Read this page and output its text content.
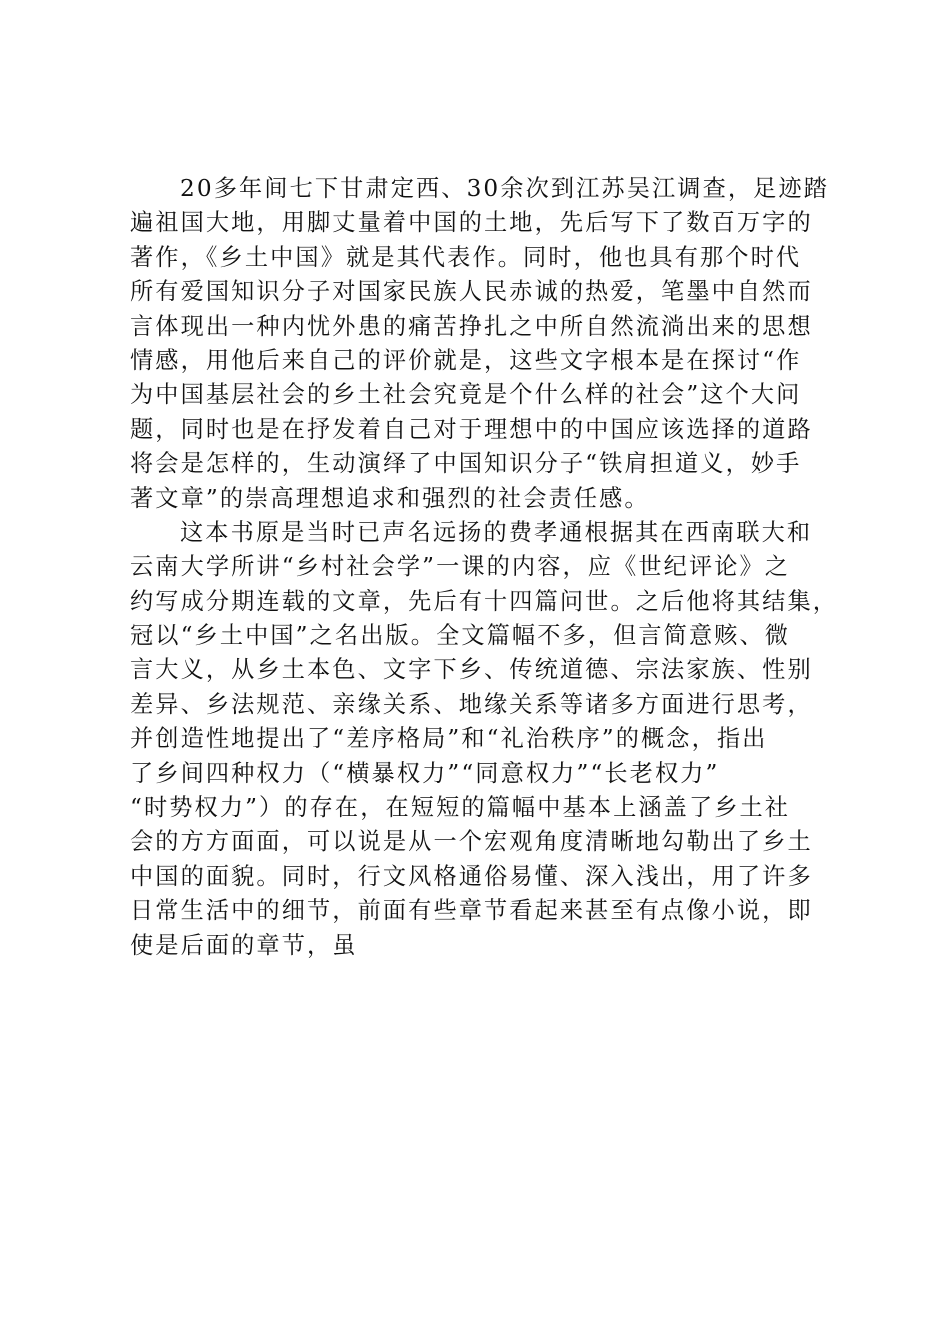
20多年间七下甘肃定西、30余次到江苏吴江调查，足迹踏
遍祖国大地，用脚丈量着中国的土地，先后写下了数百万字的
著作，《乡土中国》就是其代表作。同时，他也具有那个时代
所有爱国知识分子对国家民族人民赤诚的热爱，笔墨中自然而
言体现出一种内忧外患的痛苦挣扎之中所自然流淌出来的思想
情感，用他后来自己的评价就是，这些文字根本是在探讨“作
为中国基层社会的乡土社会究竟是个什么样的社会”这个大问
题，同时也是在抒发着自己对于理想中的中国应该选择的道路
将会是怎样的，生动演绎了中国知识分子“铁肩担道义，妙手
著文章”的崇高理想追求和强烈的社会责任感。
这本书原是当时已声名远扬的费孝通根据其在西南联大和
云南大学所讲“乡村社会学”一课的内容，应《世纪评论》之
约写成分期连载的文章，先后有十四篇问世。之后他将其结集，
冠以“乡土中国”之名出版。全文篇幅不多，但言简意赅、微
言大义，从乡土本色、文字下乡、传统道德、宗法家族、性别
差异、乡法规范、亲缘关系、地缘关系等诸多方面进行思考，
并创造性地提出了“差序格局”和“礼治秩序”的概念，指出
了乡间四种权力（“横暴权力”“同意权力”“长老权力”
“时势权力”）的存在，在短短的篇幅中基本上涵盖了乡土社
会的方方面面，可以说是从一个宏观角度清晰地勾勒出了乡土
中国的面貌。同时，行文风格通俗易懂、深入浅出，用了许多
日常生活中的细节，前面有些章节看起来甚至有点像小说，即
使是后面的章节，虽
